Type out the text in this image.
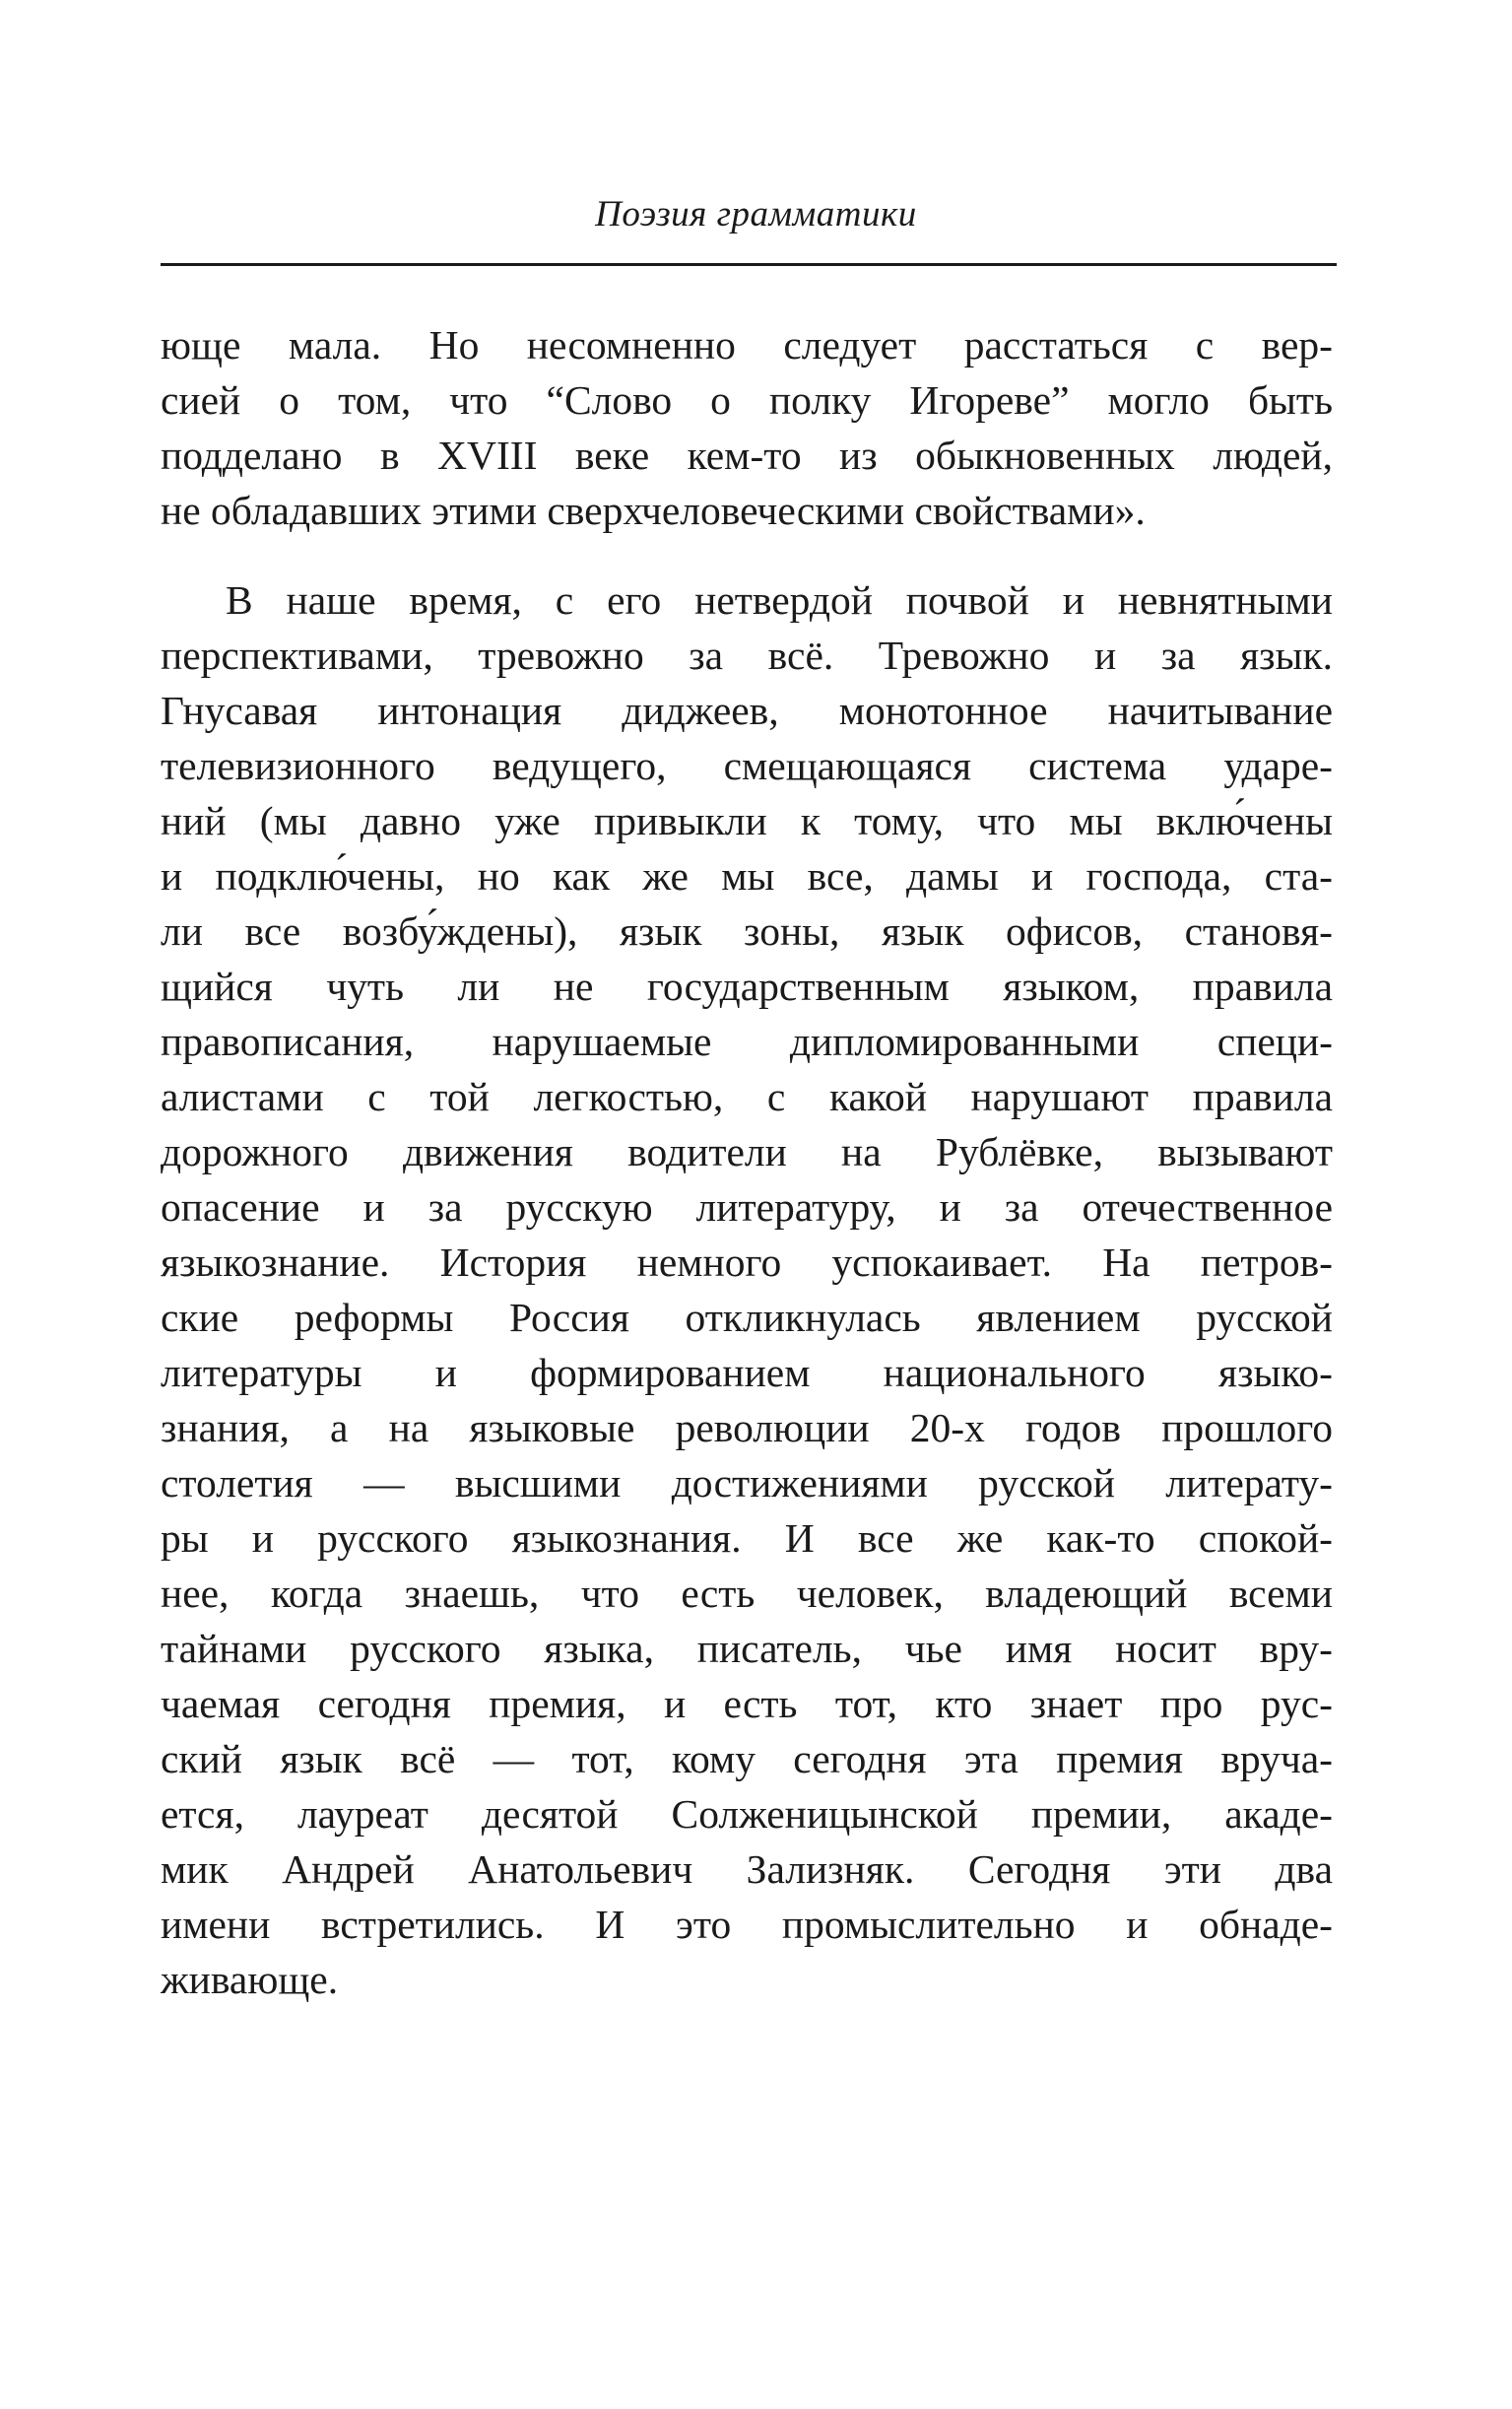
Поэзия грамматики
юще мала. Но несомненно следует расстаться с вер-
сией о том, что “Слово о полку Игореве” могло быть
подделано в XVIII веке кем-то из обыкновенных людей,
не обладавших этими сверхчеловеческими свойствами».
В наше время, с его нетвердой почвой и невнятными
перспективами, тревожно за всё. Тревожно и за язык.
Гнусавая интонация диджеев, монотонное начитывание
телевизионного ведущего, смещающаяся система ударе-
ний (мы давно уже привыкли к тому, что мы вклю́чены
и подклю́чены, но как же мы все, дамы и господа, ста-
ли все возбу́ждены), язык зоны, язык офисов, становя-
щийся чуть ли не государственным языком, правила
правописания, нарушаемые дипломированными специ-
алистами с той легкостью, с какой нарушают правила
дорожного движения водители на Рублёвке, вызывают
опасение и за русскую литературу, и за отечественное
языкознание. История немного успокаивает. На петров-
ские реформы Россия откликнулась явлением русской
литературы и формированием национального языко-
знания, а на языковые революции 20-х годов прошлого
столетия — высшими достижениями русской литерату-
ры и русского языкознания. И все же как-то спокой-
нее, когда знаешь, что есть человек, владеющий всеми
тайнами русского языка, писатель, чье имя носит вру-
чаемая сегодня премия, и есть тот, кто знает про рус-
ский язык всё — тот, кому сегодня эта премия вруча-
ется, лауреат десятой Солженицынской премии, акаде-
мик Андрей Анатольевич Зализняк. Сегодня эти два
имени встретились. И это промыслительно и обнаде-
живающе.
